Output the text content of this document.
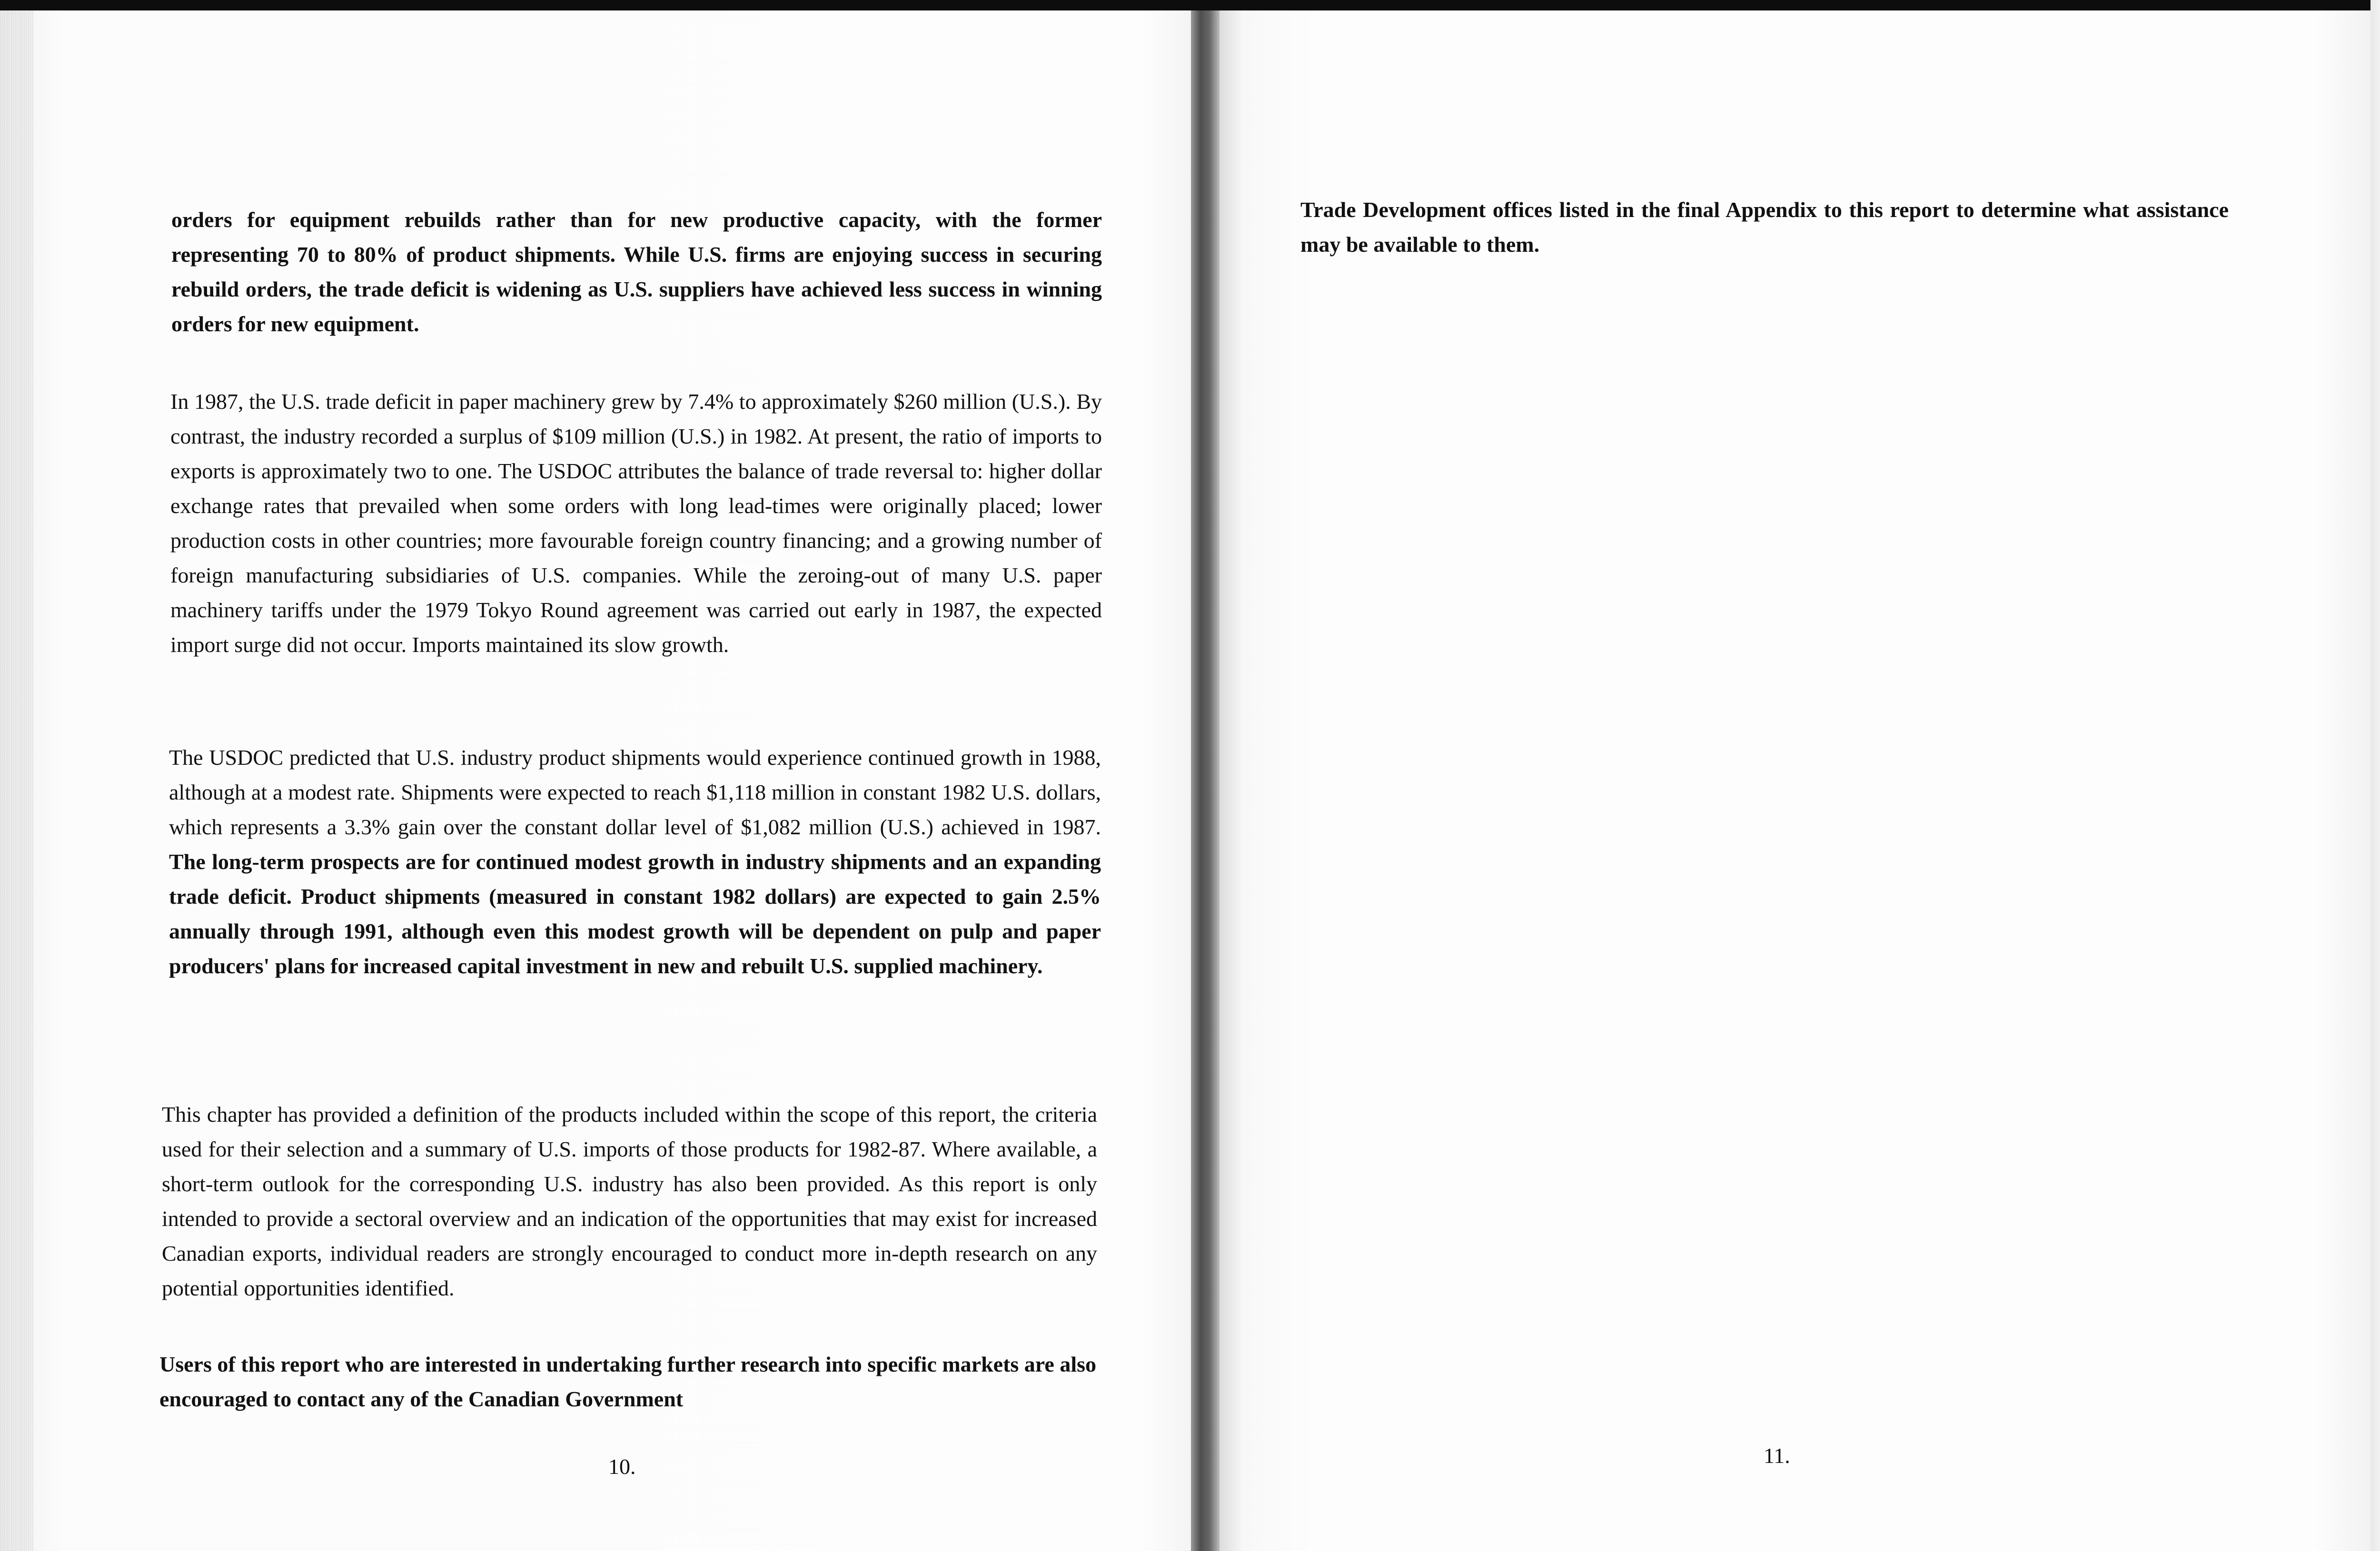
orders for equipment rebuilds rather than for new productive capacity, with the former representing 70 to 80% of product shipments. While U.S. firms are enjoying success in securing rebuild orders, the trade deficit is widening as U.S. suppliers have achieved less success in winning orders for new equipment.

In 1987, the U.S. trade deficit in paper machinery grew by 7.4% to approximately $260 million (U.S.). By contrast, the industry recorded a surplus of $109 million (U.S.) in 1982. At present, the ratio of imports to exports is approximately two to one. The USDOC attributes the balance of trade reversal to: higher dollar exchange rates that prevailed when some orders with long lead-times were originally placed; lower production costs in other countries; more favourable foreign country financing; and a growing number of foreign manufacturing subsidiaries of U.S. companies. While the zeroing-out of many U.S. paper machinery tariffs under the 1979 Tokyo Round agreement was carried out early in 1987, the expected import surge did not occur. Imports maintained its slow growth.

The USDOC predicted that U.S. industry product shipments would experience continued growth in 1988, although at a modest rate. Shipments were expected to reach $1,118 million in constant 1982 U.S. dollars, which represents a 3.3% gain over the constant dollar level of $1,082 million (U.S.) achieved in 1987. The long-term prospects are for continued modest growth in industry shipments and an expanding trade deficit. Product shipments (measured in constant 1982 dollars) are expected to gain 2.5% annually through 1991, although even this modest growth will be dependent on pulp and paper producers' plans for increased capital investment in new and rebuilt U.S. supplied machinery.

This chapter has provided a definition of the products included within the scope of this report, the criteria used for their selection and a summary of U.S. imports of those products for 1982-87. Where available, a short-term outlook for the corresponding U.S. industry has also been provided. As this report is only intended to provide a sectoral overview and an indication of the opportunities that may exist for increased Canadian exports, individual readers are strongly encouraged to conduct more in-depth research on any potential opportunities identified.

Users of this report who are interested in undertaking further research into specific markets are also encouraged to contact any of the Canadian Government

10.

Trade Development offices listed in the final Appendix to this report to determine what assistance may be available to them.

11.
